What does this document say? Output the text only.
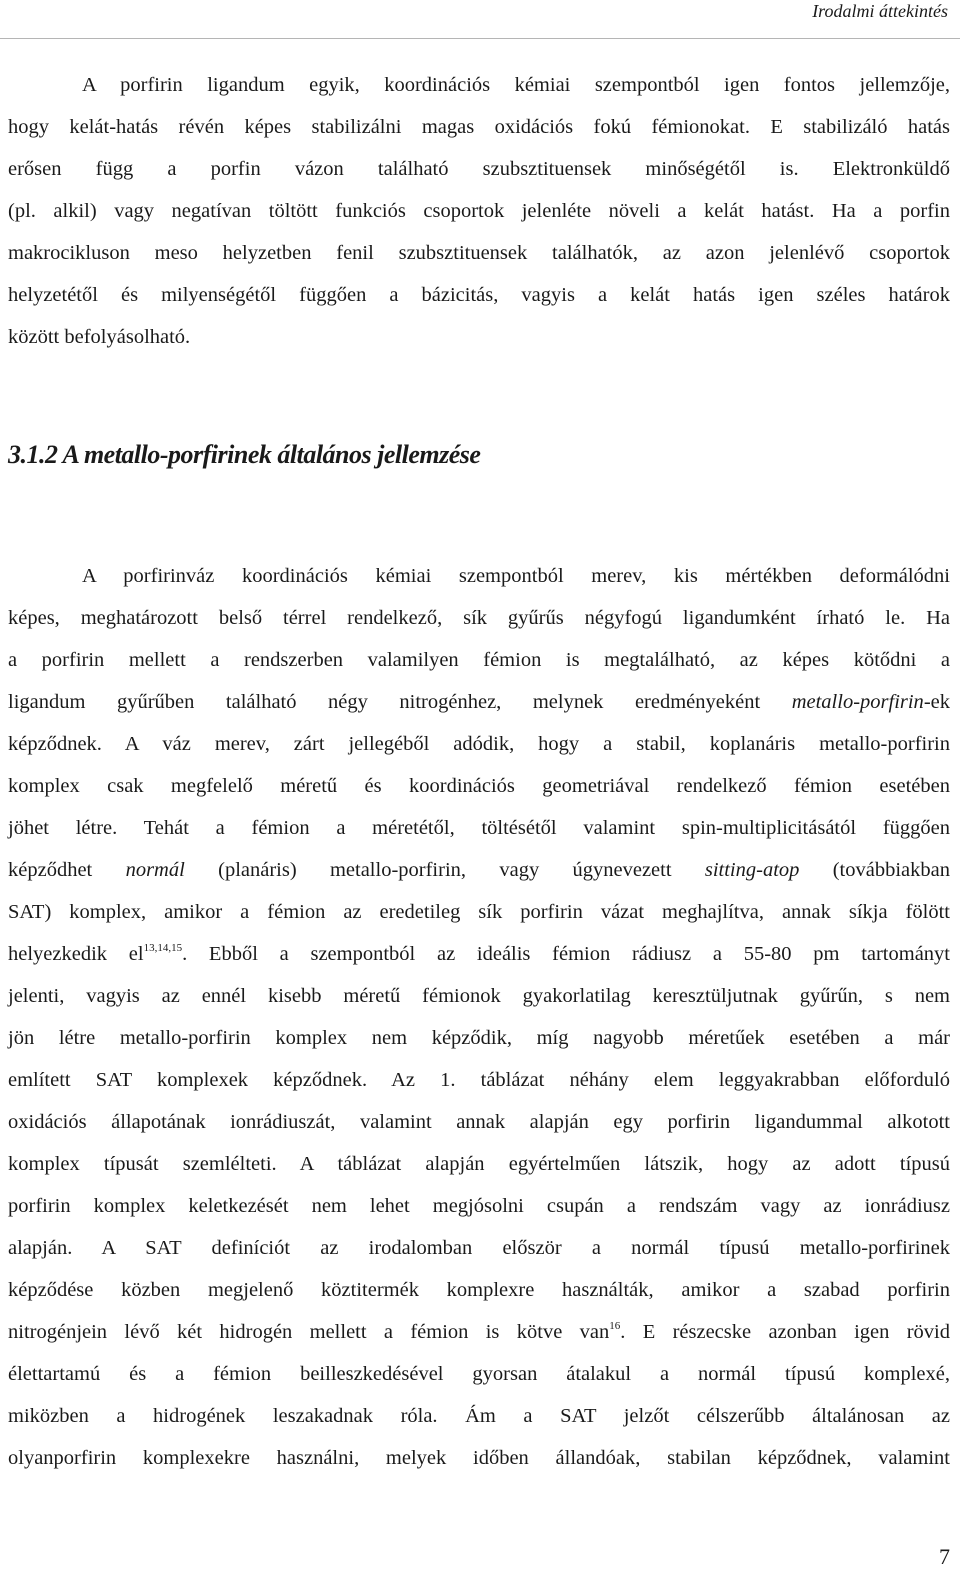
Irodalmi áttekintés
A porfirin ligandum egyik, koordinációs kémiai szempontból igen fontos jellemzője,
hogy kelát-hatás révén képes stabilizálni magas oxidációs fokú fémionokat. E stabilizáló hatás
erősen függ a porfin vázon található szubsztituensek minőségétől is. Elektronküldő
(pl. alkil) vagy negatívan töltött funkciós csoportok jelenléte növeli a kelát hatást. Ha a porfin
makrocikluson meso helyzetben fenil szubsztituensek találhatók, az azon jelenlévő csoportok
helyzetétől és milyenségétől függően a bázicitás, vagyis a kelát hatás igen széles határok
között befolyásolható.
3.1.2 A metallo-porfirinek általános jellemzése
A porfirinváz koordinációs kémiai szempontból merev, kis mértékben deformálódni
képes, meghatározott belső térrel rendelkező, sík gyűrűs négyfogú ligandumként írható le. Ha
a porfirin mellett a rendszerben valamilyen fémion is megtalálható, az képes kötődni a
ligandum gyűrűben található négy nitrogénhez, melynek eredményeként metallo-porfirin-ek
képződnek. A váz merev, zárt jellegéből adódik, hogy a stabil, koplanáris metallo-porfirin
komplex csak megfelelő méretű és koordinációs geometriával rendelkező fémion esetében
jöhet létre. Tehát a fémion a méretétől, töltésétől valamint spin-multiplicitásától függően
képződhet normál (planáris) metallo-porfirin, vagy úgynevezett sitting-atop (továbbiakban
SAT) komplex, amikor a fémion az eredetileg sík porfirin vázat meghajlítva, annak síkja fölött
helyezkedik el$^{13,14,15}$. Ebből a szempontból az ideális fémion rádiusz a 55-80 pm tartományt
jelenti, vagyis az ennél kisebb méretű fémionok gyakorlatilag keresztüljutnak gyűrűn, s nem
jön létre metallo-porfirin komplex nem képződik, míg nagyobb méretűek esetében a már
említett SAT komplexek képződnek. Az 1. táblázat néhány elem leggyakrabban előforduló
oxidációs állapotának ionrádiuszát, valamint annak alapján egy porfirin ligandummal alkotott
komplex típusát szemlélteti. A táblázat alapján egyértelműen látszik, hogy az adott típusú
porfirin komplex keletkezését nem lehet megjósolni csupán a rendszám vagy az ionrádiusz
alapján. A SAT definíciót az irodalomban először a normál típusú metallo-porfirinek
képződése közben megjelenő köztitermék komplexre használták, amikor a szabad porfirin
nitrogénjein lévő két hidrogén mellett a fémion is kötve van$^{16}$. E részecske azonban igen rövid
élettartamú és a fémion beilleszkedésével gyorsan átalakul a normál típusú komplexé,
miközben a hidrogének leszakadnak róla. Ám a SAT jelzőt célszerűbb általánosan az
olyanporfirin komplexekre használni, melyek időben állandóak, stabilan képződnek, valamint
7
